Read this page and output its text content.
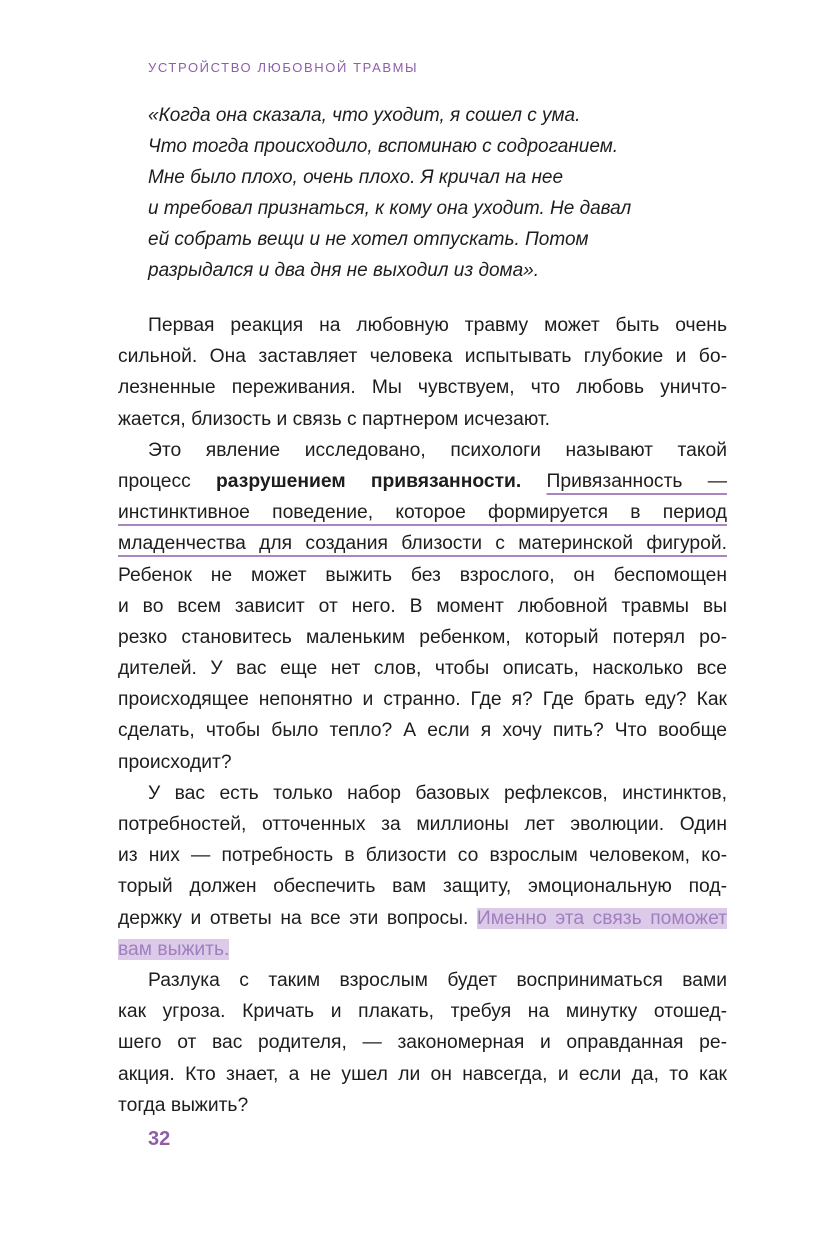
УСТРОЙСТВО ЛЮБОВНОЙ ТРАВМЫ
«Когда она сказала, что уходит, я сошел с ума.
Что тогда происходило, вспоминаю с содроганием.
Мне было плохо, очень плохо. Я кричал на нее
и требовал признаться, к кому она уходит. Не давал
ей собрать вещи и не хотел отпускать. Потом
разрыдался и два дня не выходил из дома».
Первая реакция на любовную травму может быть очень
сильной. Она заставляет человека испытывать глубокие и бо-
лезненные переживания. Мы чувствуем, что любовь уничто-
жается, близость и связь с партнером исчезают.
Это явление исследовано, психологи называют такой
процесс разрушением привязанности. Привязанность —
инстинктивное поведение, которое формируется в период
младенчества для создания близости с материнской фигурой.
Ребенок не может выжить без взрослого, он беспомощен
и во всем зависит от него. В момент любовной травмы вы
резко становитесь маленьким ребенком, который потерял ро-
дителей. У вас еще нет слов, чтобы описать, насколько все
происходящее непонятно и странно. Где я? Где брать еду? Как
сделать, чтобы было тепло? А если я хочу пить? Что вообще
происходит?
У вас есть только набор базовых рефлексов, инстинктов,
потребностей, отточенных за миллионы лет эволюции. Один
из них — потребность в близости со взрослым человеком, ко-
торый должен обеспечить вам защиту, эмоциональную под-
держку и ответы на все эти вопросы. Именно эта связь поможет
вам выжить.
Разлука с таким взрослым будет восприниматься вами
как угроза. Кричать и плакать, требуя на минутку отошед-
шего от вас родителя, — закономерная и оправданная ре-
акция. Кто знает, а не ушел ли он навсегда, и если да, то как
тогда выжить?
32
